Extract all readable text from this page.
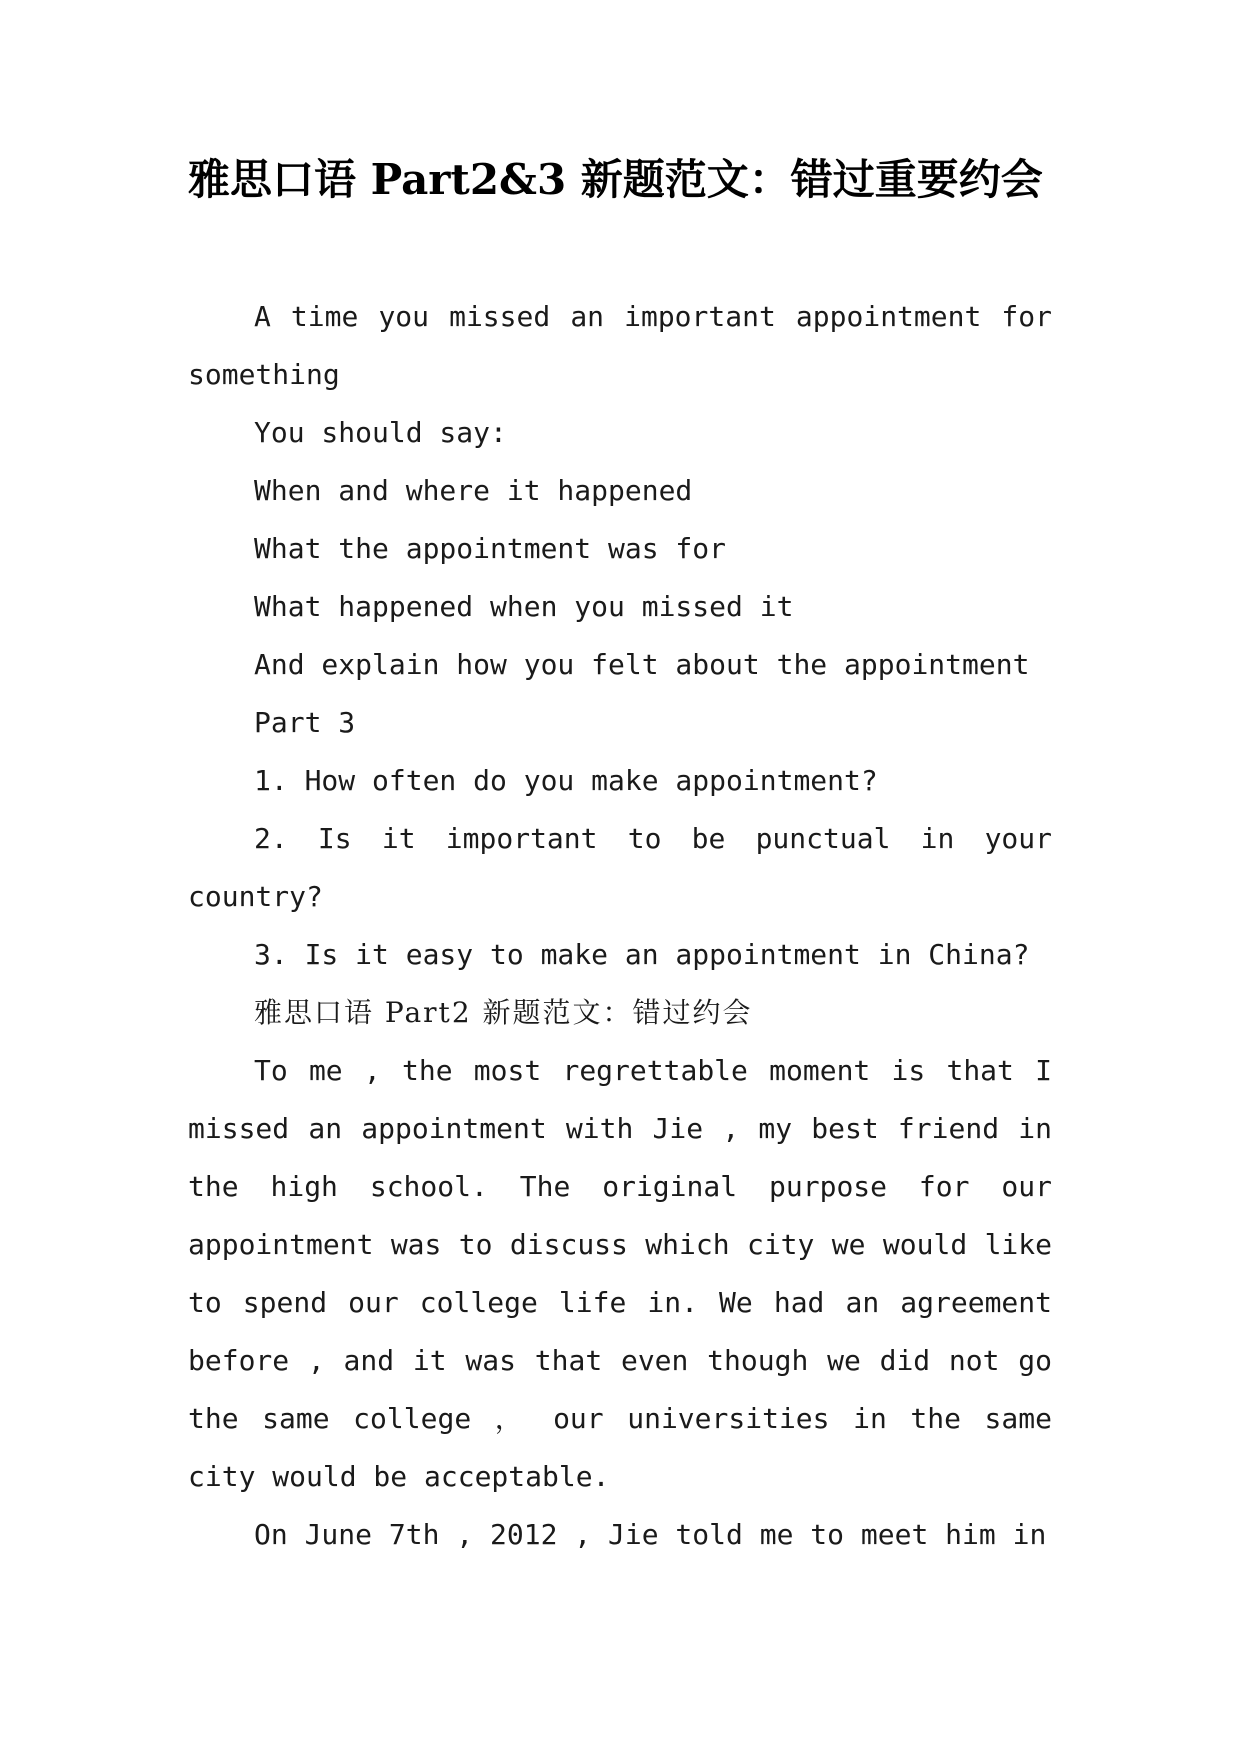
雅思口语 Part2&3 新题范文：错过重要约会

A time you missed an important appointment for something

You should say:

When and where it happened

What the appointment was for

What happened when you missed it

And explain how you felt about the appointment

Part 3

1. How often do you make appointment?

2. Is it important to be punctual in your country?

3. Is it easy to make an appointment in China?

雅思口语 Part2 新题范文：错过约会

To me , the most regrettable moment is that I missed an appointment with Jie , my best friend in the high school. The original purpose for our appointment was to discuss which city we would like to spend our college life in. We had an agreement before , and it was that even though we did not go the same college ， our universities in the same city would be acceptable.

On June 7th , 2012 , Jie told me to meet him in
